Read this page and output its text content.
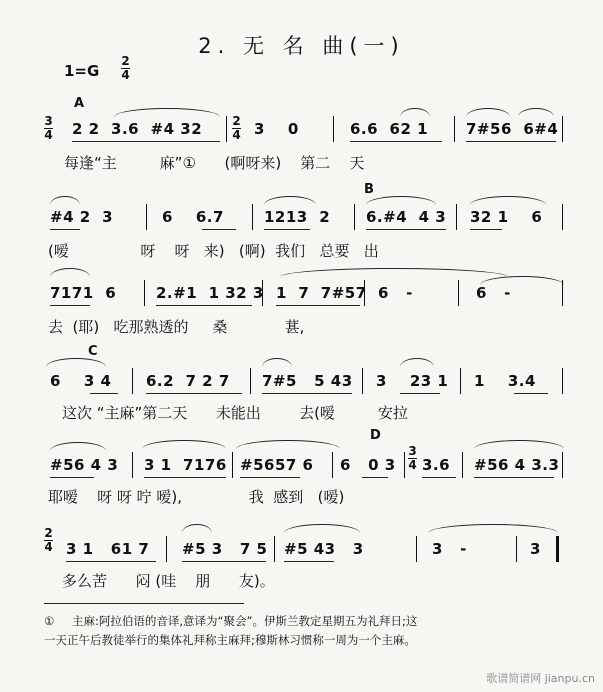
2. 无 名 曲(一)
1=G
2
4
A
3
4
2
4
2 2  3.6  #4 32	3    0	6.6  62 1	7#56  6#4
每逢“主         麻”①      (啊呀来)    第二    天
B
#4 2  3	6    6.7	1213  2 6.#4  4 3 32 1    6
(嗳               呀    呀   来)   (啊)  我们   总要   出
7171  6	2.#1  1 32 3 1  7  7#57 6   -	6   -
去  (耶)   吃那熟透的     桑            葚,
C
6    3 4 6.2  7 2 7 7#5   5 43 3    23 1 1    3.4
这次 “主麻”第二天      未能出        去(嗳         安拉
D
3
4
#56 4 3 3 1  7176 #5657 6 6   0 3 3.6 #56 4 3.3
耶嗳    呀 呀 咛 嗳),              我  感到   (嗳)
2
4 3 1   61 7 #5 3   7 5 #5 43   3	3   -	3
多么苦      闷 (哇    朋      友)。
① 主麻:阿拉伯语的音译,意译为“聚会”。伊斯兰教定星期五为礼拜日;这
一天正午后教徒举行的集体礼拜称主麻拜;穆斯林习惯称一周为一个主麻。
歌谱简谱网 jianpu.cn
